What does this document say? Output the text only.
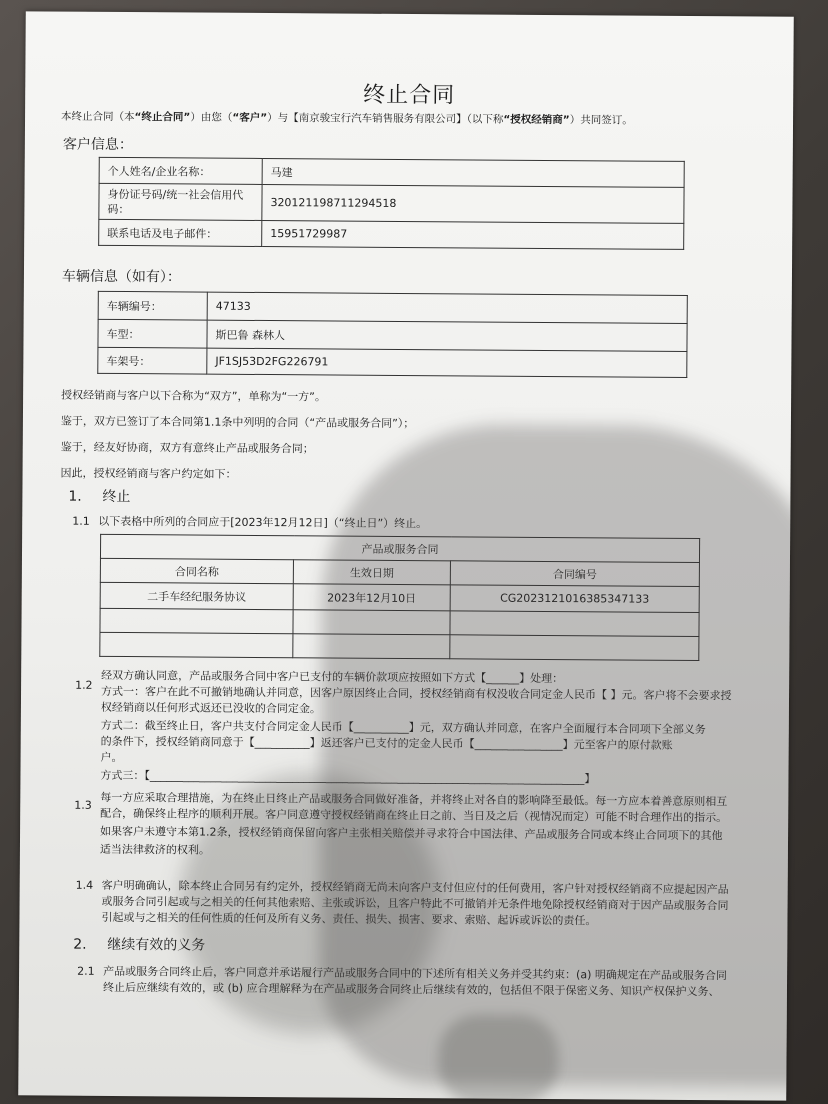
终止合同
本终止合同（本“终止合同”）由您（“客户”）与【南京骏宝行汽车销售服务有限公司】（以下称“授权经销商”）共同签订。
客户信息：
个人姓名/企业名称：	马建
身份证号码/统一社会信用代码：	320121198711294518
联系电话及电子邮件：	15951729987
车辆信息（如有）：
车辆编号：	47133
车型：	斯巴鲁 森林人
车架号：	JF1SJ53D2FG226791
授权经销商与客户以下合称为“双方”，单称为“一方”。
鉴于，双方已签订了本合同第1.1条中列明的合同（“产品或服务合同”）；
鉴于，经友好协商，双方有意终止产品或服务合同；
因此，授权经销商与客户约定如下：
1. 终止
1.1 以下表格中所列的合同应于[2023年12月12日]（“终止日”）终止。
产品或服务合同		
合同名称	生效日期	合同编号
二手车经纪服务协议	2023年12月10日	CG2023121016385347133

1.2
经双方确认同意，产品或服务合同中客户已支付的车辆价款项应按照如下方式【______】处理：
方式一：客户在此不可撤销地确认并同意，因客户原因终止合同，授权经销商有权没收合同定金人民币【 】元。客户将不会要求授
权经销商以任何形式返还已没收的合同定金。
方式二：截至终止日，客户共支付合同定金人民币【__________】元，双方确认并同意，在客户全面履行本合同项下全部义务
的条件下，授权经销商同意于【__________】返还客户已支付的定金人民币【________________】元至客户的原付款账
户。
方式三：【_______________________________________________________________________________】
1.3 每一方应采取合理措施，为在终止日终止产品或服务合同做好准备，并将终止对各自的影响降至最低。每一方应本着善意原则相互
配合，确保终止程序的顺利开展。客户同意遵守授权经销商在终止日之前、当日及之后（视情况而定）可能不时合理作出的指示。
如果客户未遵守本第1.2条，授权经销商保留向客户主张相关赔偿并寻求符合中国法律、产品或服务合同或本终止合同项下的其他
适当法律救济的权利。
1.4 客户明确确认，除本终止合同另有约定外，授权经销商无尚未向客户支付但应付的任何费用，客户针对授权经销商不应提起因产品
或服务合同引起或与之相关的任何其他索赔、主张或诉讼，且客户特此不可撤销并无条件地免除授权经销商对于因产品或服务合同
引起或与之相关的任何性质的任何及所有义务、责任、损失、损害、要求、索赔、起诉或诉讼的责任。
2. 继续有效的义务
2.1 产品或服务合同终止后，客户同意并承诺履行产品或服务合同中的下述所有相关义务并受其约束：(a) 明确规定在产品或服务合同
终止后应继续有效的，或 (b) 应合理解释为在产品或服务合同终止后继续有效的，包括但不限于保密义务、知识产权保护义务、
